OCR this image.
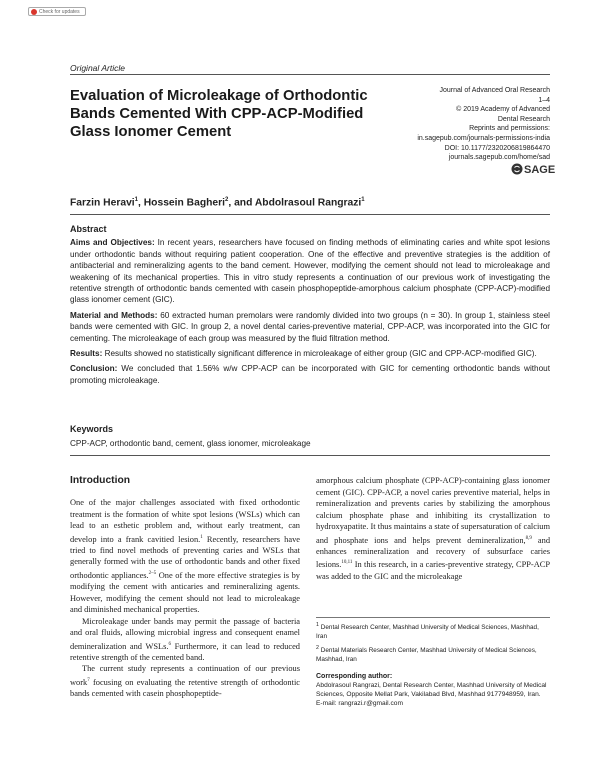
Check for updates
Original Article
Evaluation of Microleakage of Orthodontic Bands Cemented With CPP-ACP-Modified Glass Ionomer Cement
Journal of Advanced Oral Research
1–4
© 2019 Academy of Advanced
Dental Research
Reprints and permissions:
in.sagepub.com/journals-permissions-india
DOI: 10.1177/2320206819864470
journals.sagepub.com/home/sad
SAGE
Farzin Heravi$^1$, Hossein Bagheri$^2$, and Abdolrasoul Rangrazi$^1$
Abstract

Aims and Objectives: In recent years, researchers have focused on finding methods of eliminating caries and white spot lesions under orthodontic bands without requiring patient cooperation. One of the effective and preventive strategies is the addition of antibacterial and remineralizing agents to the band cement. However, modifying the cement should not lead to microleakage and weakening of its mechanical properties. This in vitro study represents a continuation of our previous work of investigating the retentive strength of orthodontic bands cemented with casein phosphopeptide-amorphous calcium phosphate (CPP-ACP)-modified glass ionomer cement (GIC).

Material and Methods: 60 extracted human premolars were randomly divided into two groups (n = 30). In group 1, stainless steel bands were cemented with GIC. In group 2, a novel dental caries-preventive material, CPP-ACP, was incorporated into the GIC for cementing. The microleakage of each group was measured by the fluid filtration method.

Results: Results showed no statistically significant difference in microleakage of either group (GIC and CPP-ACP-modified GIC).

Conclusion: We concluded that 1.56% w/w CPP-ACP can be incorporated with GIC for cementing orthodontic bands without promoting microleakage.

Keywords
CPP-ACP, orthodontic band, cement, glass ionomer, microleakage
Introduction

One of the major challenges associated with fixed orthodontic treatment is the formation of white spot lesions (WSLs) which can lead to an esthetic problem and, without early treatment, can develop into a frank cavitied lesion.$^1$ Recently, researchers have tried to find novel methods of preventing caries and WSLs that generally formed with the use of orthodontic bands and other fixed orthodontic appliances.$^{2-5}$ One of the more effective strategies is by modifying the cement with anticaries and remineralizing agents. However, modifying the cement should not lead to microleakage and diminished mechanical properties.

Microleakage under bands may permit the passage of bacteria and oral fluids, allowing microbial ingress and consequent enamel demineralization and WSLs.$^6$ Furthermore, it can lead to reduced retentive strength of the cemented band.

The current study represents a continuation of our previous work$^7$ focusing on evaluating the retentive strength of orthodontic bands cemented with casein phosphopeptide-

amorphous calcium phosphate (CPP-ACP)-containing glass ionomer cement (GIC). CPP-ACP, a novel caries preventive material, helps in remineralization and prevents caries by stabilizing the amorphous calcium phosphate phase and inhibiting its crystallization to hydroxyapatite. It thus maintains a state of supersaturation of calcium and phosphate ions and helps prevent demineralization,$^{8,9}$ and enhances remineralization and recovery of subsurface caries lesions.$^{10,11}$ In this research, in a caries-preventive strategy, CPP-ACP was added to the GIC and the microleakage

$^1$ Dental Research Center, Mashhad University of Medical Sciences, Mashhad, Iran

$^2$ Dental Materials Research Center, Mashhad University of Medical Sciences, Mashhad, Iran

Corresponding author:
Abdolrasoul Rangrazi, Dental Research Center, Mashhad University of Medical Sciences, Opposite Mellat Park, Vakilabad Blvd, Mashhad 9177948959, Iran.
E-mail: rangrazi.r@gmail.com
